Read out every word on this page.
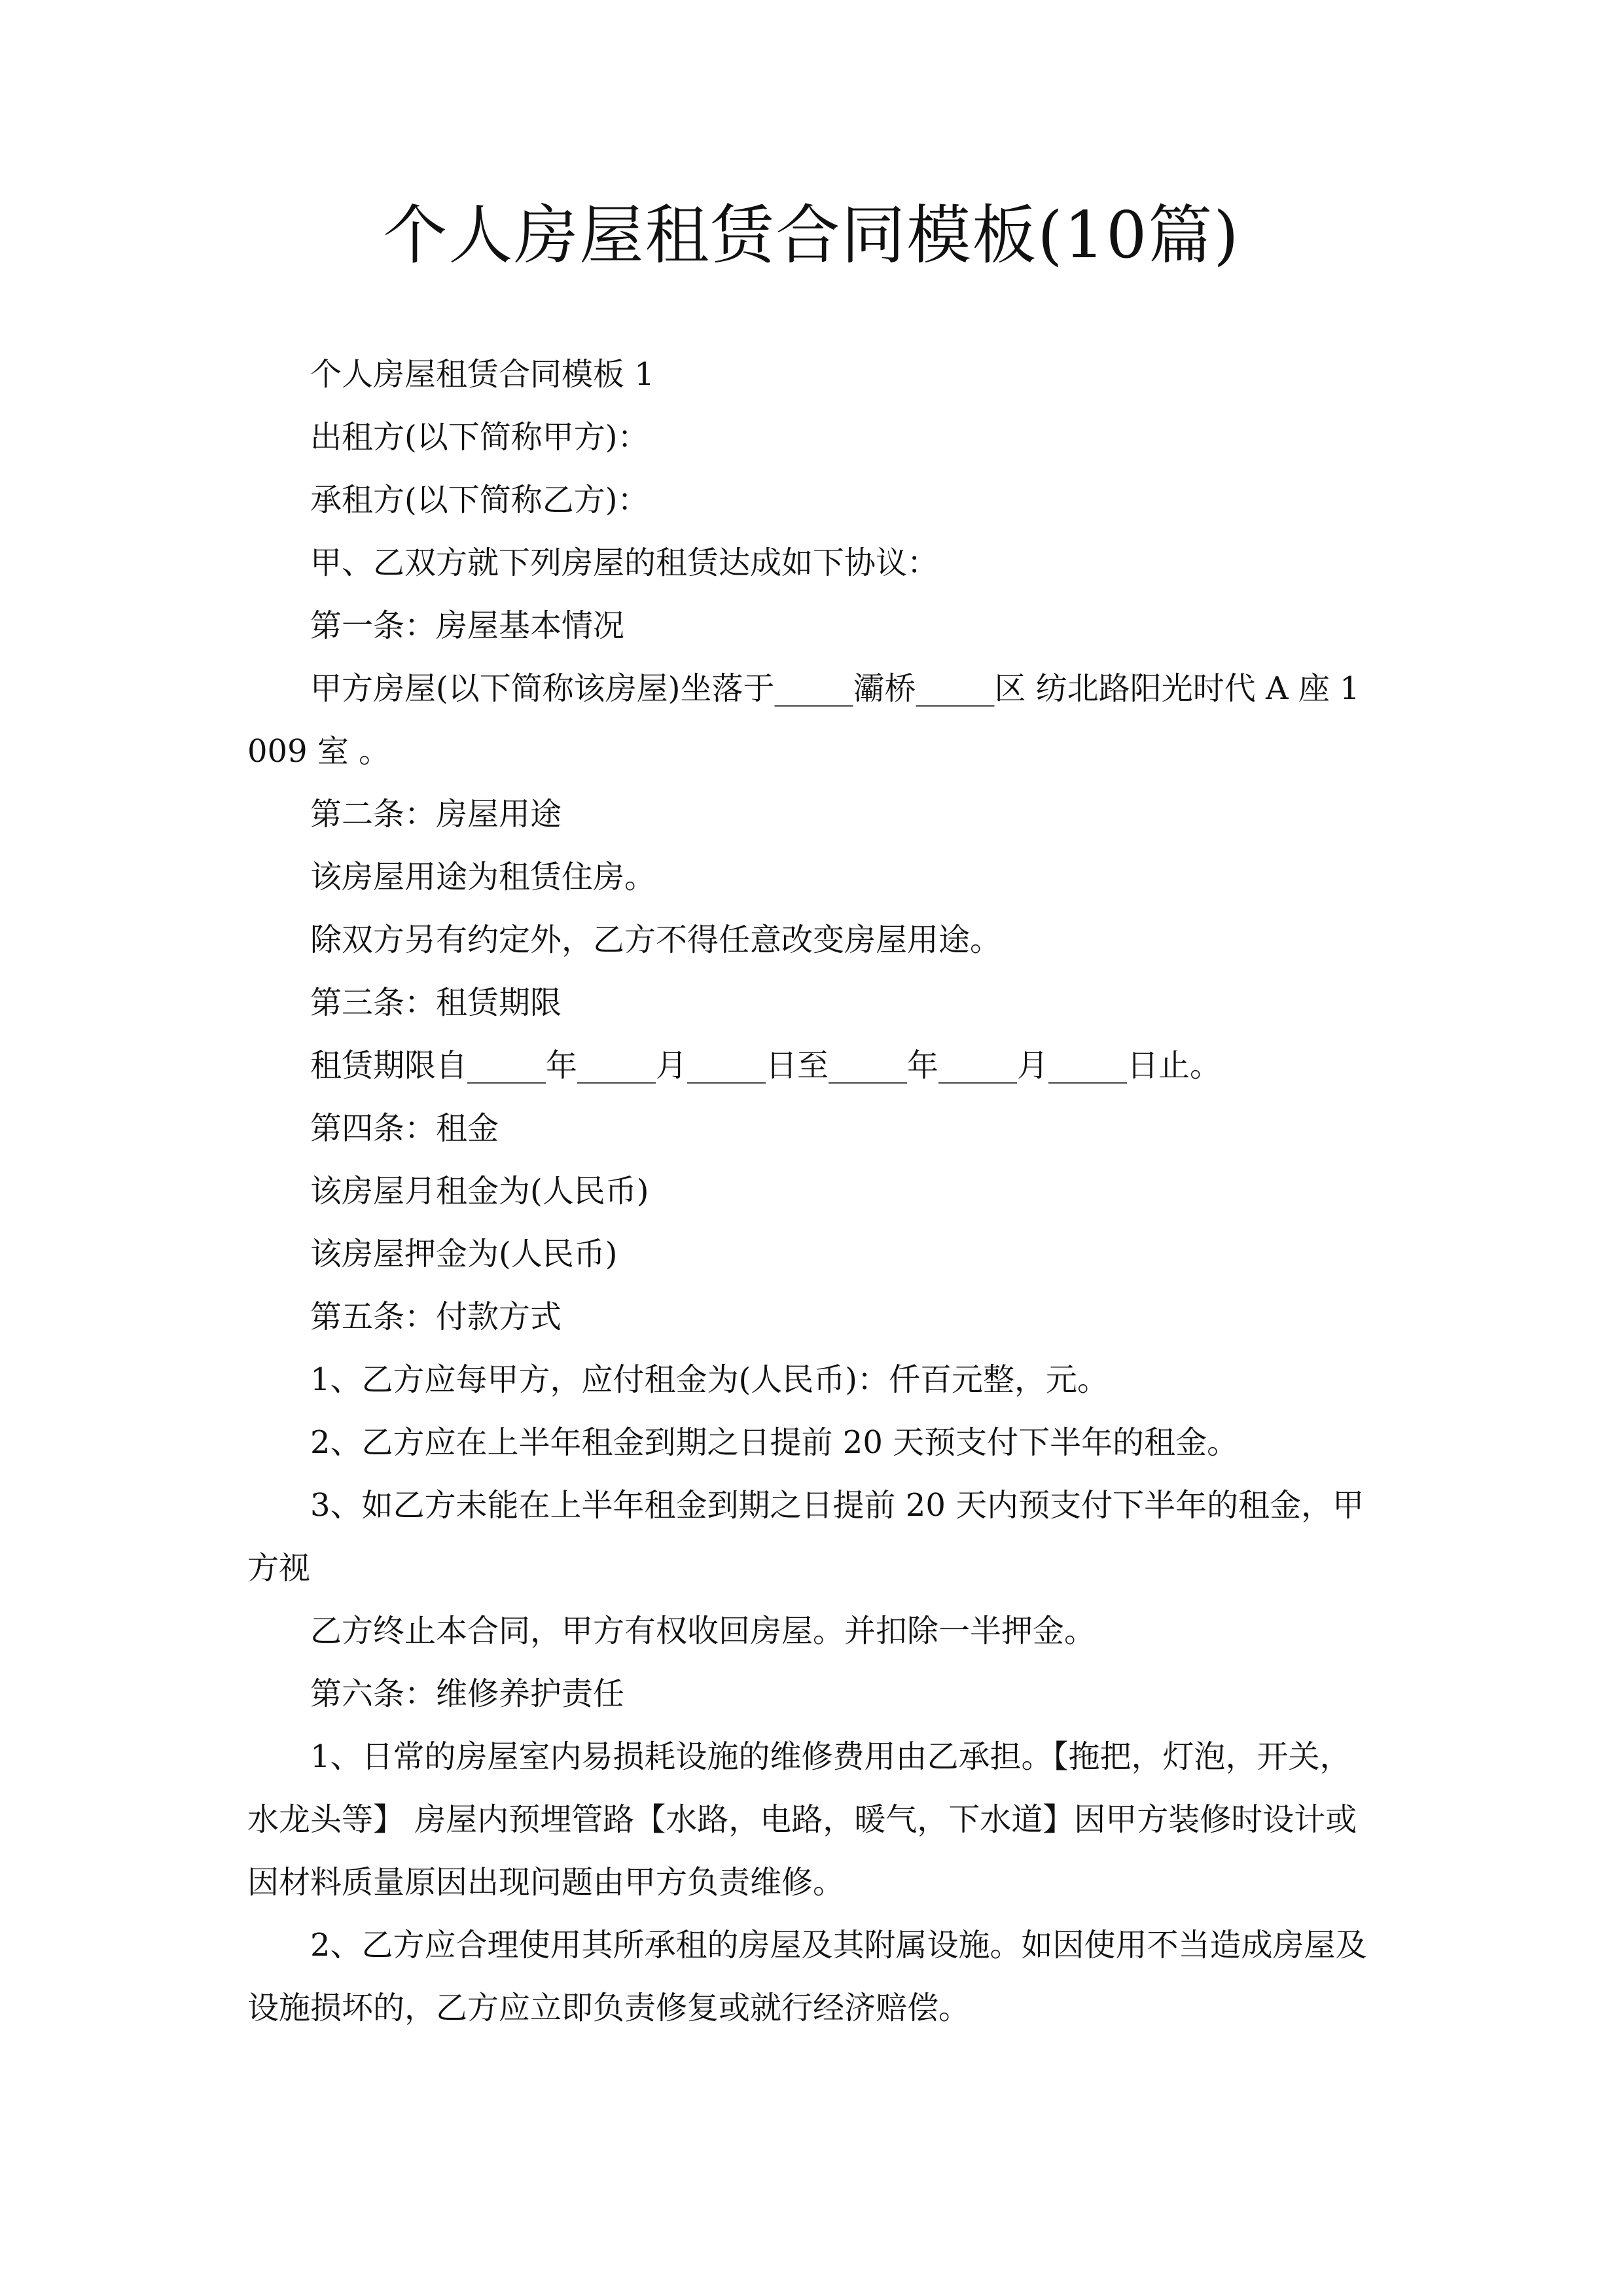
个人房屋租赁合同模板(10篇)

个人房屋租赁合同模板 1

出租方(以下简称甲方)：

承租方(以下简称乙方)：

甲、乙双方就下列房屋的租赁达成如下协议：

第一条：房屋基本情况

甲方房屋(以下简称该房屋)坐落于_____灞桥_____区 纺北路阳光时代 A 座 1009 室 。

第二条：房屋用途

该房屋用途为租赁住房。

除双方另有约定外，乙方不得任意改变房屋用途。

第三条：租赁期限

租赁期限自_____年_____月_____日至_____年_____月_____日止。

第四条：租金

该房屋月租金为(人民币)

该房屋押金为(人民币)

第五条：付款方式

1、乙方应每甲方，应付租金为(人民币)：仟百元整，元。

2、乙方应在上半年租金到期之日提前 20 天预支付下半年的租金。

3、如乙方未能在上半年租金到期之日提前 20 天内预支付下半年的租金，甲方视

乙方终止本合同，甲方有权收回房屋。并扣除一半押金。

第六条：维修养护责任

1、日常的房屋室内易损耗设施的维修费用由乙承担。【拖把，灯泡，开关，水龙头等】 房屋内预埋管路【水路，电路，暖气，下水道】因甲方装修时设计或因材料质量原因出现问题由甲方负责维修。

2、乙方应合理使用其所承租的房屋及其附属设施。如因使用不当造成房屋及设施损坏的，乙方应立即负责修复或就行经济赔偿。
